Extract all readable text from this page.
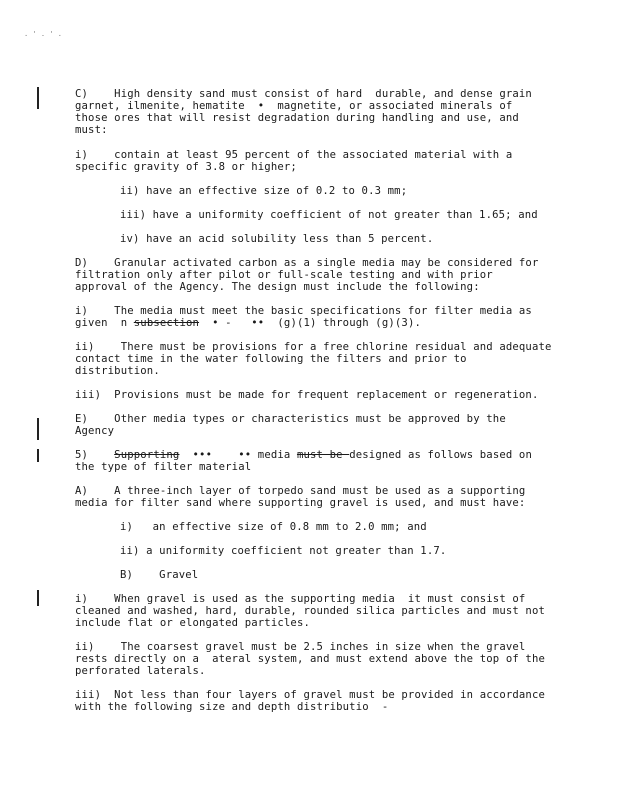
. ' . ' .
C)    High density sand must consist of hard  durable, and dense grain
garnet, ilmenite, hematite  •  magnetite, or associated minerals of
those ores that will resist degradation during handling and use, and
must:
i)    contain at least 95 percent of the associated material with a
specific gravity of 3.8 or higher;
ii) have an effective size of 0.2 to 0.3 mm;
iii) have a uniformity coefficient of not greater than 1.65; and
iv) have an acid solubility less than 5 percent.
D)    Granular activated carbon as a single media may be considered for
filtration only after pilot or full-scale testing and with prior
approval of the Agency. The design must include the following:
i)    The media must meet the basic specifications for filter media as
given  n subsection  • -   ••  (g)(1) through (g)(3).
ii)    There must be provisions for a free chlorine residual and adequate
contact time in the water following the filters and prior to
distribution.
iii)  Provisions must be made for frequent replacement or regeneration.
E)    Other media types or characteristics must be approved by the
Agency
5)    Supporting  •••    •• media must be designed as follows based on
the type of filter material
A)    A three-inch layer of torpedo sand must be used as a supporting
media for filter sand where supporting gravel is used, and must have:
i)   an effective size of 0.8 mm to 2.0 mm; and
ii) a uniformity coefficient not greater than 1.7.
B)    Gravel
i)    When gravel is used as the supporting media  it must consist of
cleaned and washed, hard, durable, rounded silica particles and must not
include flat or elongated particles.
ii)    The coarsest gravel must be 2.5 inches in size when the gravel
rests directly on a  ateral system, and must extend above the top of the
perforated laterals.
iii)  Not less than four layers of gravel must be provided in accordance
with the following size and depth distributio  -
